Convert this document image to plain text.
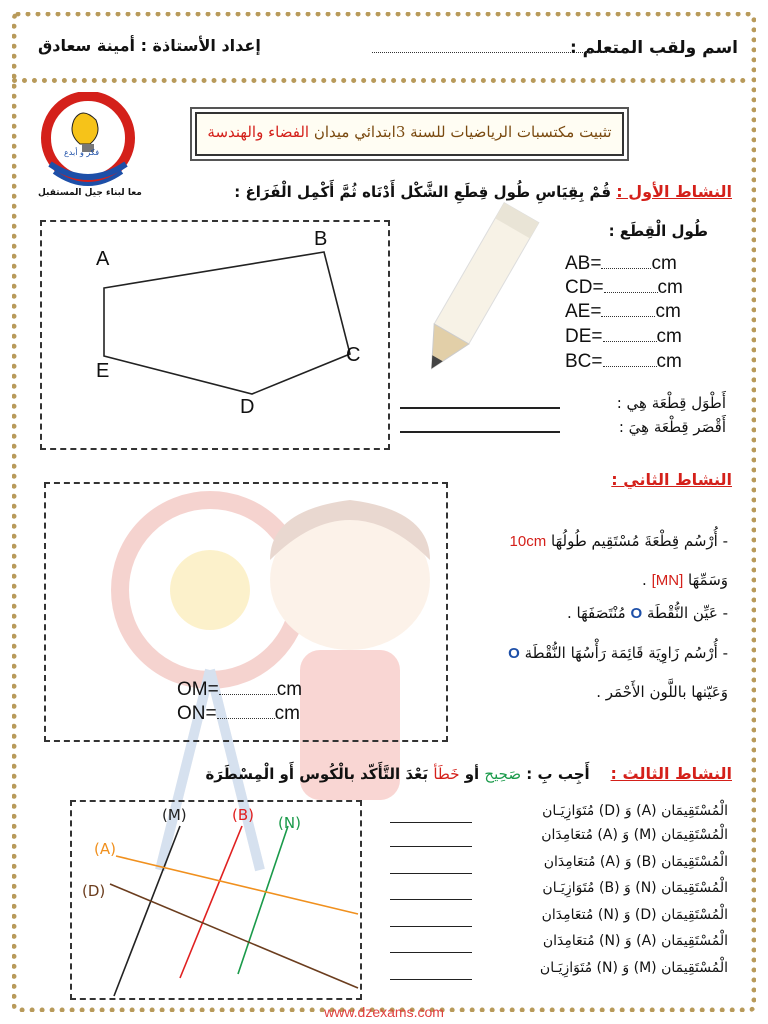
اسم ولقب المتعلم :
إعداد الأستاذة : أمينة سعادق
فكر و أبدع
معا لبناء جيل المستقبل
تثبيت مكتسبات الرياضيات للسنة 3ابتدائي ميدان الفضاء والهندسة
النشاط الأول : قُمْ بِقِيَاسِ طُول قِطَعِ الشَّكْل أَدْنَاه ثُمَّ أَكْمِل الْفَرَاغ :
A
B
C
D
E
طُول الْقِطَع :
AB=	cm
CD=	cm
AE=	cm
DE=	cm
BC=	cm
أَطْوَل قِطْعَة هِي :
أَقْصَر قِطْعَة هِيَ :
النشاط الثاني :
OM=	cm
ON=	cm
- أُرْسُم قِطْعَةَ مُسْتَقِيم طُولُهَا 10cm
وَسَمِّهَا [MN] .
- عَيِّن النُّقْطَة O مُنْتَصَفَهَا .
- أُرْسُم زَاوِيَة قَائِمَة رَأْسُهَا النُّقْطَة O
وَعَيّنها باللَّون الأَحْمَر .
النشاط الثالث :    أَجِب بِ : صَحِيح أو خَطَأ بَعْدَ التَّأَكّد بالْكُوس أَو الْمِسْطَرَة
(M)	(B) (N)
(A)
(D)
الْمُسْتَقِيمَان (A) وَ (D) مُتَوَازِيَـان
الْمُسْتَقِيمَان (M) وَ (A) مُتعَامِدَان
الْمُسْتَقِيمَان (B) وَ (A) مُتعَامِدَان
الْمُسْتَقِيمَان (N) وَ (B) مُتَوَازِيَـان
الْمُسْتَقِيمَان (D) وَ (N) مُتعَامِدَان
الْمُسْتَقِيمَان (A) وَ (N) مُتعَامِدَان
الْمُسْتَقِيمَان (M) وَ (N) مُتَوَازِيَـان
www.dzexams.com
